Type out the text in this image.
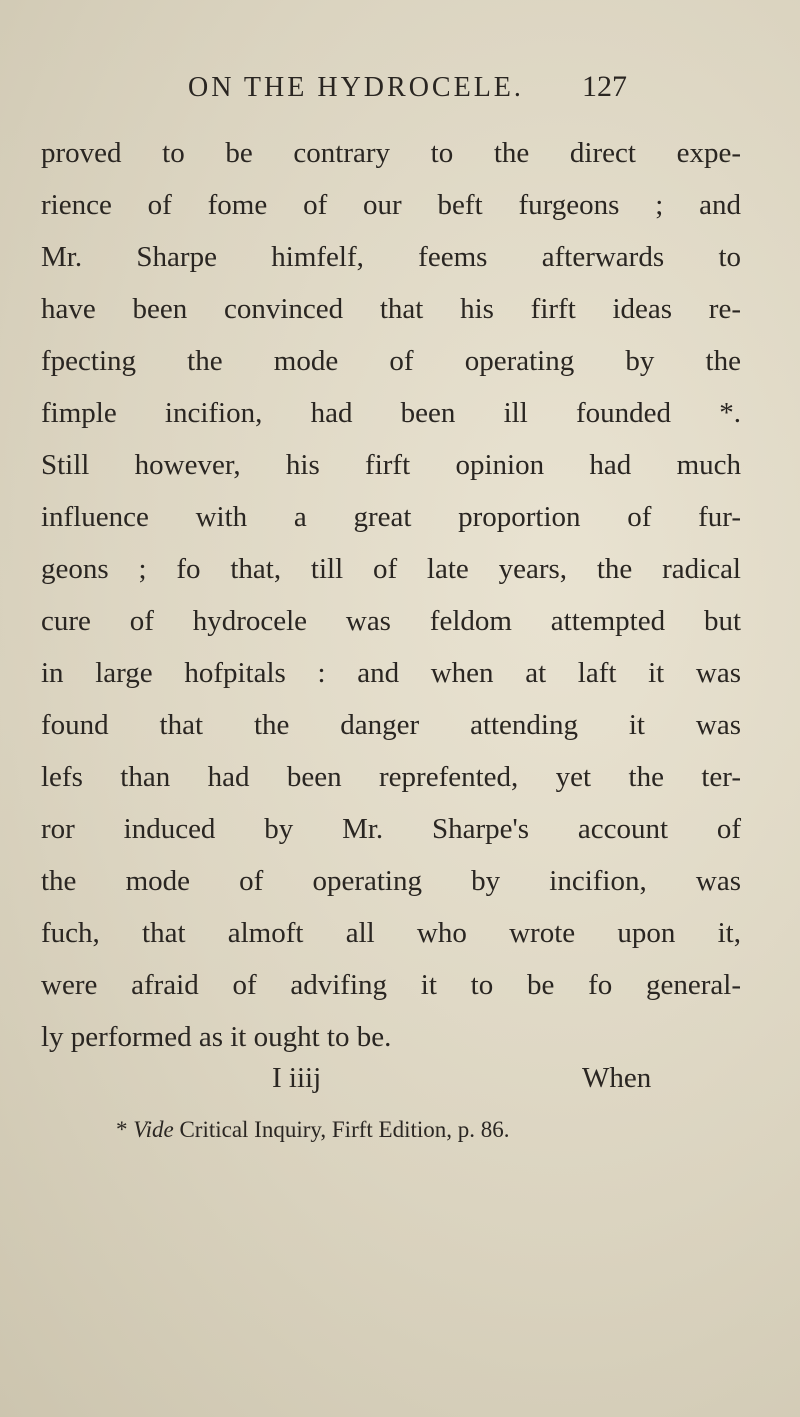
ON THE HYDROCELE. 127
proved to be contrary to the direct expe-
rience of fome of our beft furgeons ; and
Mr. Sharpe himfelf, feems afterwards to
have been convinced that his firft ideas re-
fpecting the mode of operating by the
fimple incifion, had been ill founded *.
Still however, his firft opinion had much
influence with a great proportion of fur-
geons ; fo that, till of late years, the radical
cure of hydrocele was feldom attempted but
in large hofpitals : and when at laft it was
found that the danger attending it was
lefs than had been reprefented, yet the ter-
ror induced by Mr. Sharpe's account of
the mode of operating by incifion, was
fuch, that almoft all who wrote upon it,
were afraid of advifing it to be fo general-
ly performed as it ought to be.
I iiij	When
* Vide Critical Inquiry, Firft Edition, p. 86.
